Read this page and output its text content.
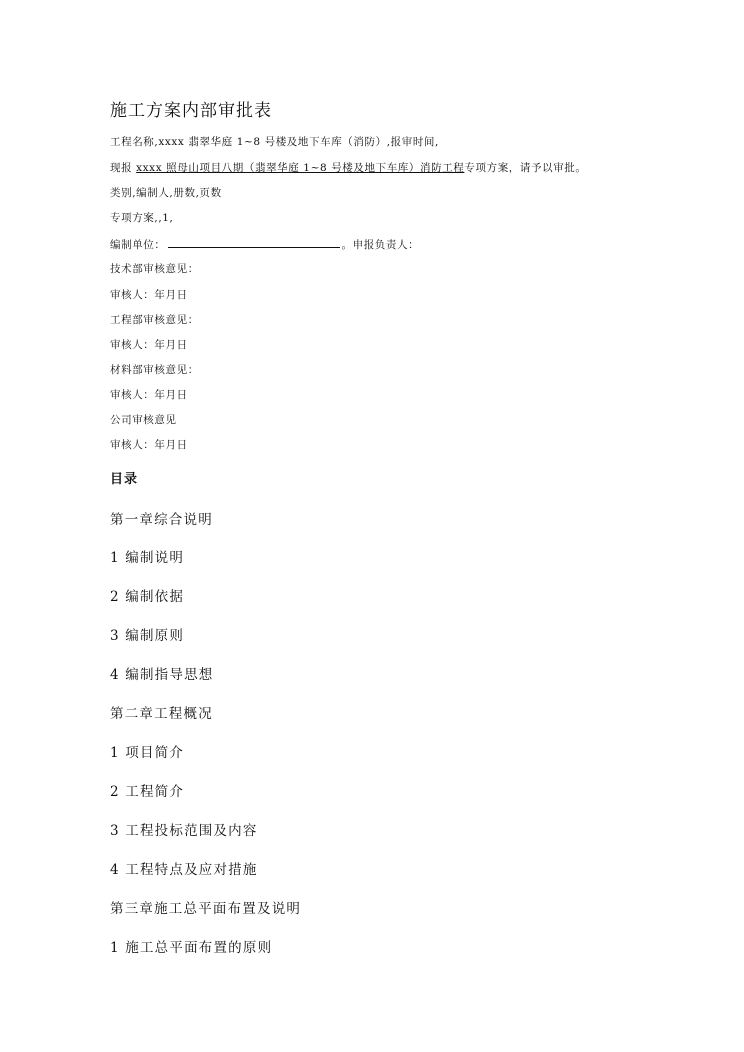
施工方案内部审批表
工程名称,xxxx 翡翠华庭 1~8 号楼及地下车库（消防）,报审时间,
现报 xxxx 照母山项目八期（翡翠华庭 1~8 号楼及地下车库）消防工程专项方案，请予以审批。
类别,编制人,册数,页数
专项方案,,1,
编制单位：	。申报负责人：
技术部审核意见：
审核人：年月日
工程部审核意见：
审核人：年月日
材料部审核意见：
审核人：年月日
公司审核意见
审核人：年月日
目录
第一章综合说明
1 编制说明
2 编制依据
3 编制原则
4 编制指导思想
第二章工程概况
1 项目简介
2 工程简介
3 工程投标范围及内容
4 工程特点及应对措施
第三章施工总平面布置及说明
1 施工总平面布置的原则
